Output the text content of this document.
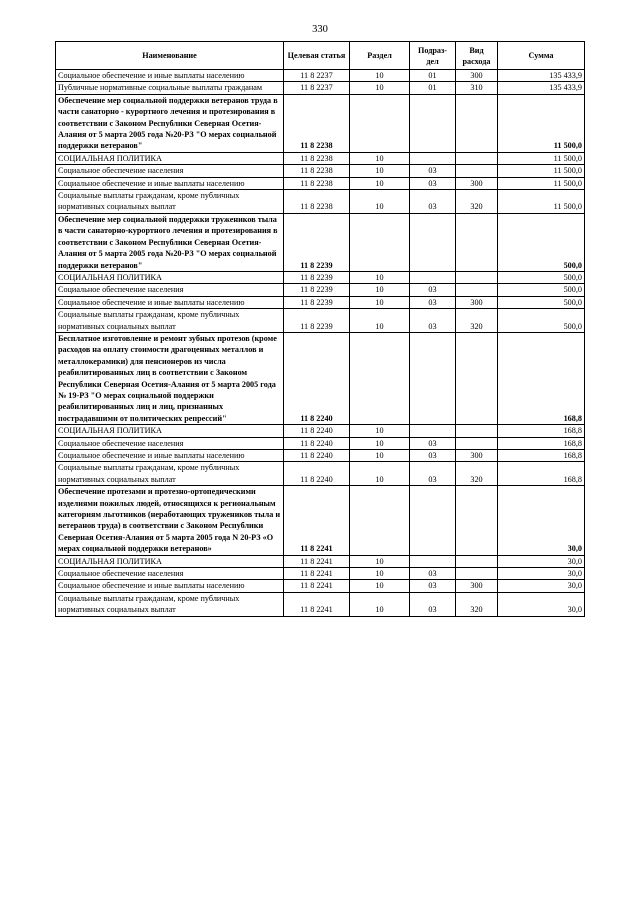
330
Наименование	Целевая статья	Раздел	Подраз-дел	Вид расхода	Сумма
Социальное обеспечение и иные выплаты населению	11 8 2237	10	01	300	135 433,9
Публичные нормативные социальные выплаты гражданам	11 8 2237	10	01	310	135 433,9
Обеспечение мер социальной поддержки ветеранов труда в части санаторно - курортного лечения и протезирования в соответствии с Законом Республики Северная Осетия-Алания от 5 марта 2005 года №20-РЗ "О мерах социальной поддержки ветеранов"	11 8 2238				11 500,0
СОЦИАЛЬНАЯ ПОЛИТИКА	11 8 2238	10			11 500,0
Социальное обеспечение населения	11 8 2238	10	03		11 500,0
Социальное обеспечение и иные выплаты населению	11 8 2238	10	03	300	11 500,0
Социальные выплаты гражданам, кроме публичных нормативных социальных выплат	11 8 2238	10	03	320	11 500,0
Обеспечение мер социальной поддержки тружеников тыла в части санаторно-курортного лечения и протезирования в соответствии с Законом Республики Северная Осетия-Алания от 5 марта 2005 года №20-РЗ "О мерах социальной поддержки ветеранов"	11 8 2239				500,0
СОЦИАЛЬНАЯ ПОЛИТИКА	11 8 2239	10			500,0
Социальное обеспечение населения	11 8 2239	10	03		500,0
Социальное обеспечение и иные выплаты населению	11 8 2239	10	03	300	500,0
Социальные выплаты гражданам, кроме публичных нормативных социальных выплат	11 8 2239	10	03	320	500,0
Бесплатное изготовление и ремонт зубных протезов (кроме расходов на оплату стоимости драгоценных металлов и металлокерамики) для пенсионеров из числа реабилитированных лиц в соответствии с Законом Республики Северная Осетия-Алания от 5 марта 2005 года № 19-РЗ "О мерах социальной поддержки реабилитированных лиц и лиц, признанных пострадавшими от политических репрессий"	11 8 2240				168,8
СОЦИАЛЬНАЯ ПОЛИТИКА	11 8 2240	10			168,8
Социальное обеспечение населения	11 8 2240	10	03		168,8
Социальное обеспечение и иные выплаты населению	11 8 2240	10	03	300	168,8
Социальные выплаты гражданам, кроме публичных нормативных социальных выплат	11 8 2240	10	03	320	168,8
Обеспечение протезами и протезно-ортопедическими изделиями пожилых людей, относящихся к региональным категориям льготников (неработающих тружеников тыла и ветеранов труда) в соответствии с Законом Республики Северная Осетия-Алания от 5 марта 2005 года N 20-РЗ «О мерах социальной поддержки ветеранов»	11 8 2241				30,0
СОЦИАЛЬНАЯ ПОЛИТИКА	11 8 2241	10			30,0
Социальное обеспечение населения	11 8 2241	10	03		30,0
Социальное обеспечение и иные выплаты населению	11 8 2241	10	03	300	30,0
Социальные выплаты гражданам, кроме публичных нормативных социальных выплат	11 8 2241	10	03	320	30,0
